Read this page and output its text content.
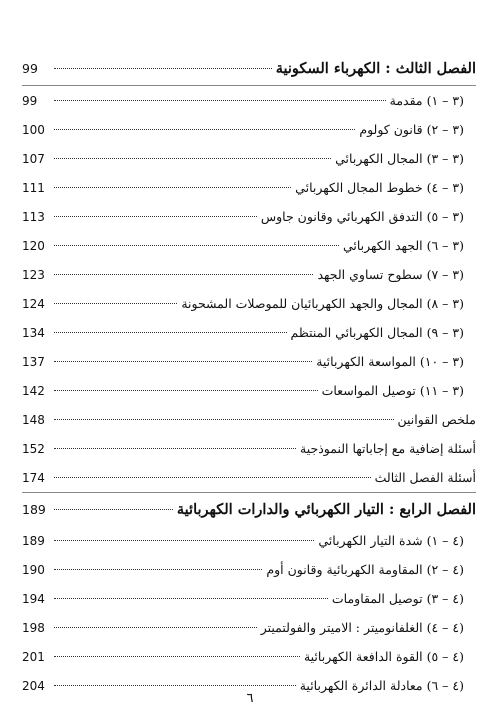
الفصل الثالث : الكهرباء السكونية
99
(٣ – ١) مقدمة
99
(٣ – ٢) قانون كولوم
100
(٣ – ٣) المجال الكهربائي
107
(٣ – ٤) خطوط المجال الكهربائي
111
(٣ – ٥) التدفق الكهربائي وقانون جاوس
113
(٣ – ٦) الجهد الكهربائي
120
(٣ – ٧) سطوح تساوي الجهد
123
(٣ – ٨) المجال والجهد الكهربائيان للموصلات المشحونة
124
(٣ – ٩) المجال الكهربائي المنتظم
134
(٣ – ١٠) المواسعة الكهربائية
137
(٣ – ١١) توصيل المواسعات
142
ملخص القوانين
148
أسئلة إضافية مع إجاباتها النموذجية
152
أسئلة الفصل الثالث
174
الفصل الرابع : التيار الكهربائي والدارات الكهربائية
189
(٤ – ١) شدة التيار الكهربائي
189
(٤ – ٢) المقاومة الكهربائية وقانون أوم
190
(٤ – ٣) توصيل المقاومات
194
(٤ – ٤) الغلفانوميتر : الاميتر والفولتميتر
198
(٤ – ٥) القوة الدافعة الكهربائية
201
(٤ – ٦) معادلة الدائرة الكهربائية
204
٦
